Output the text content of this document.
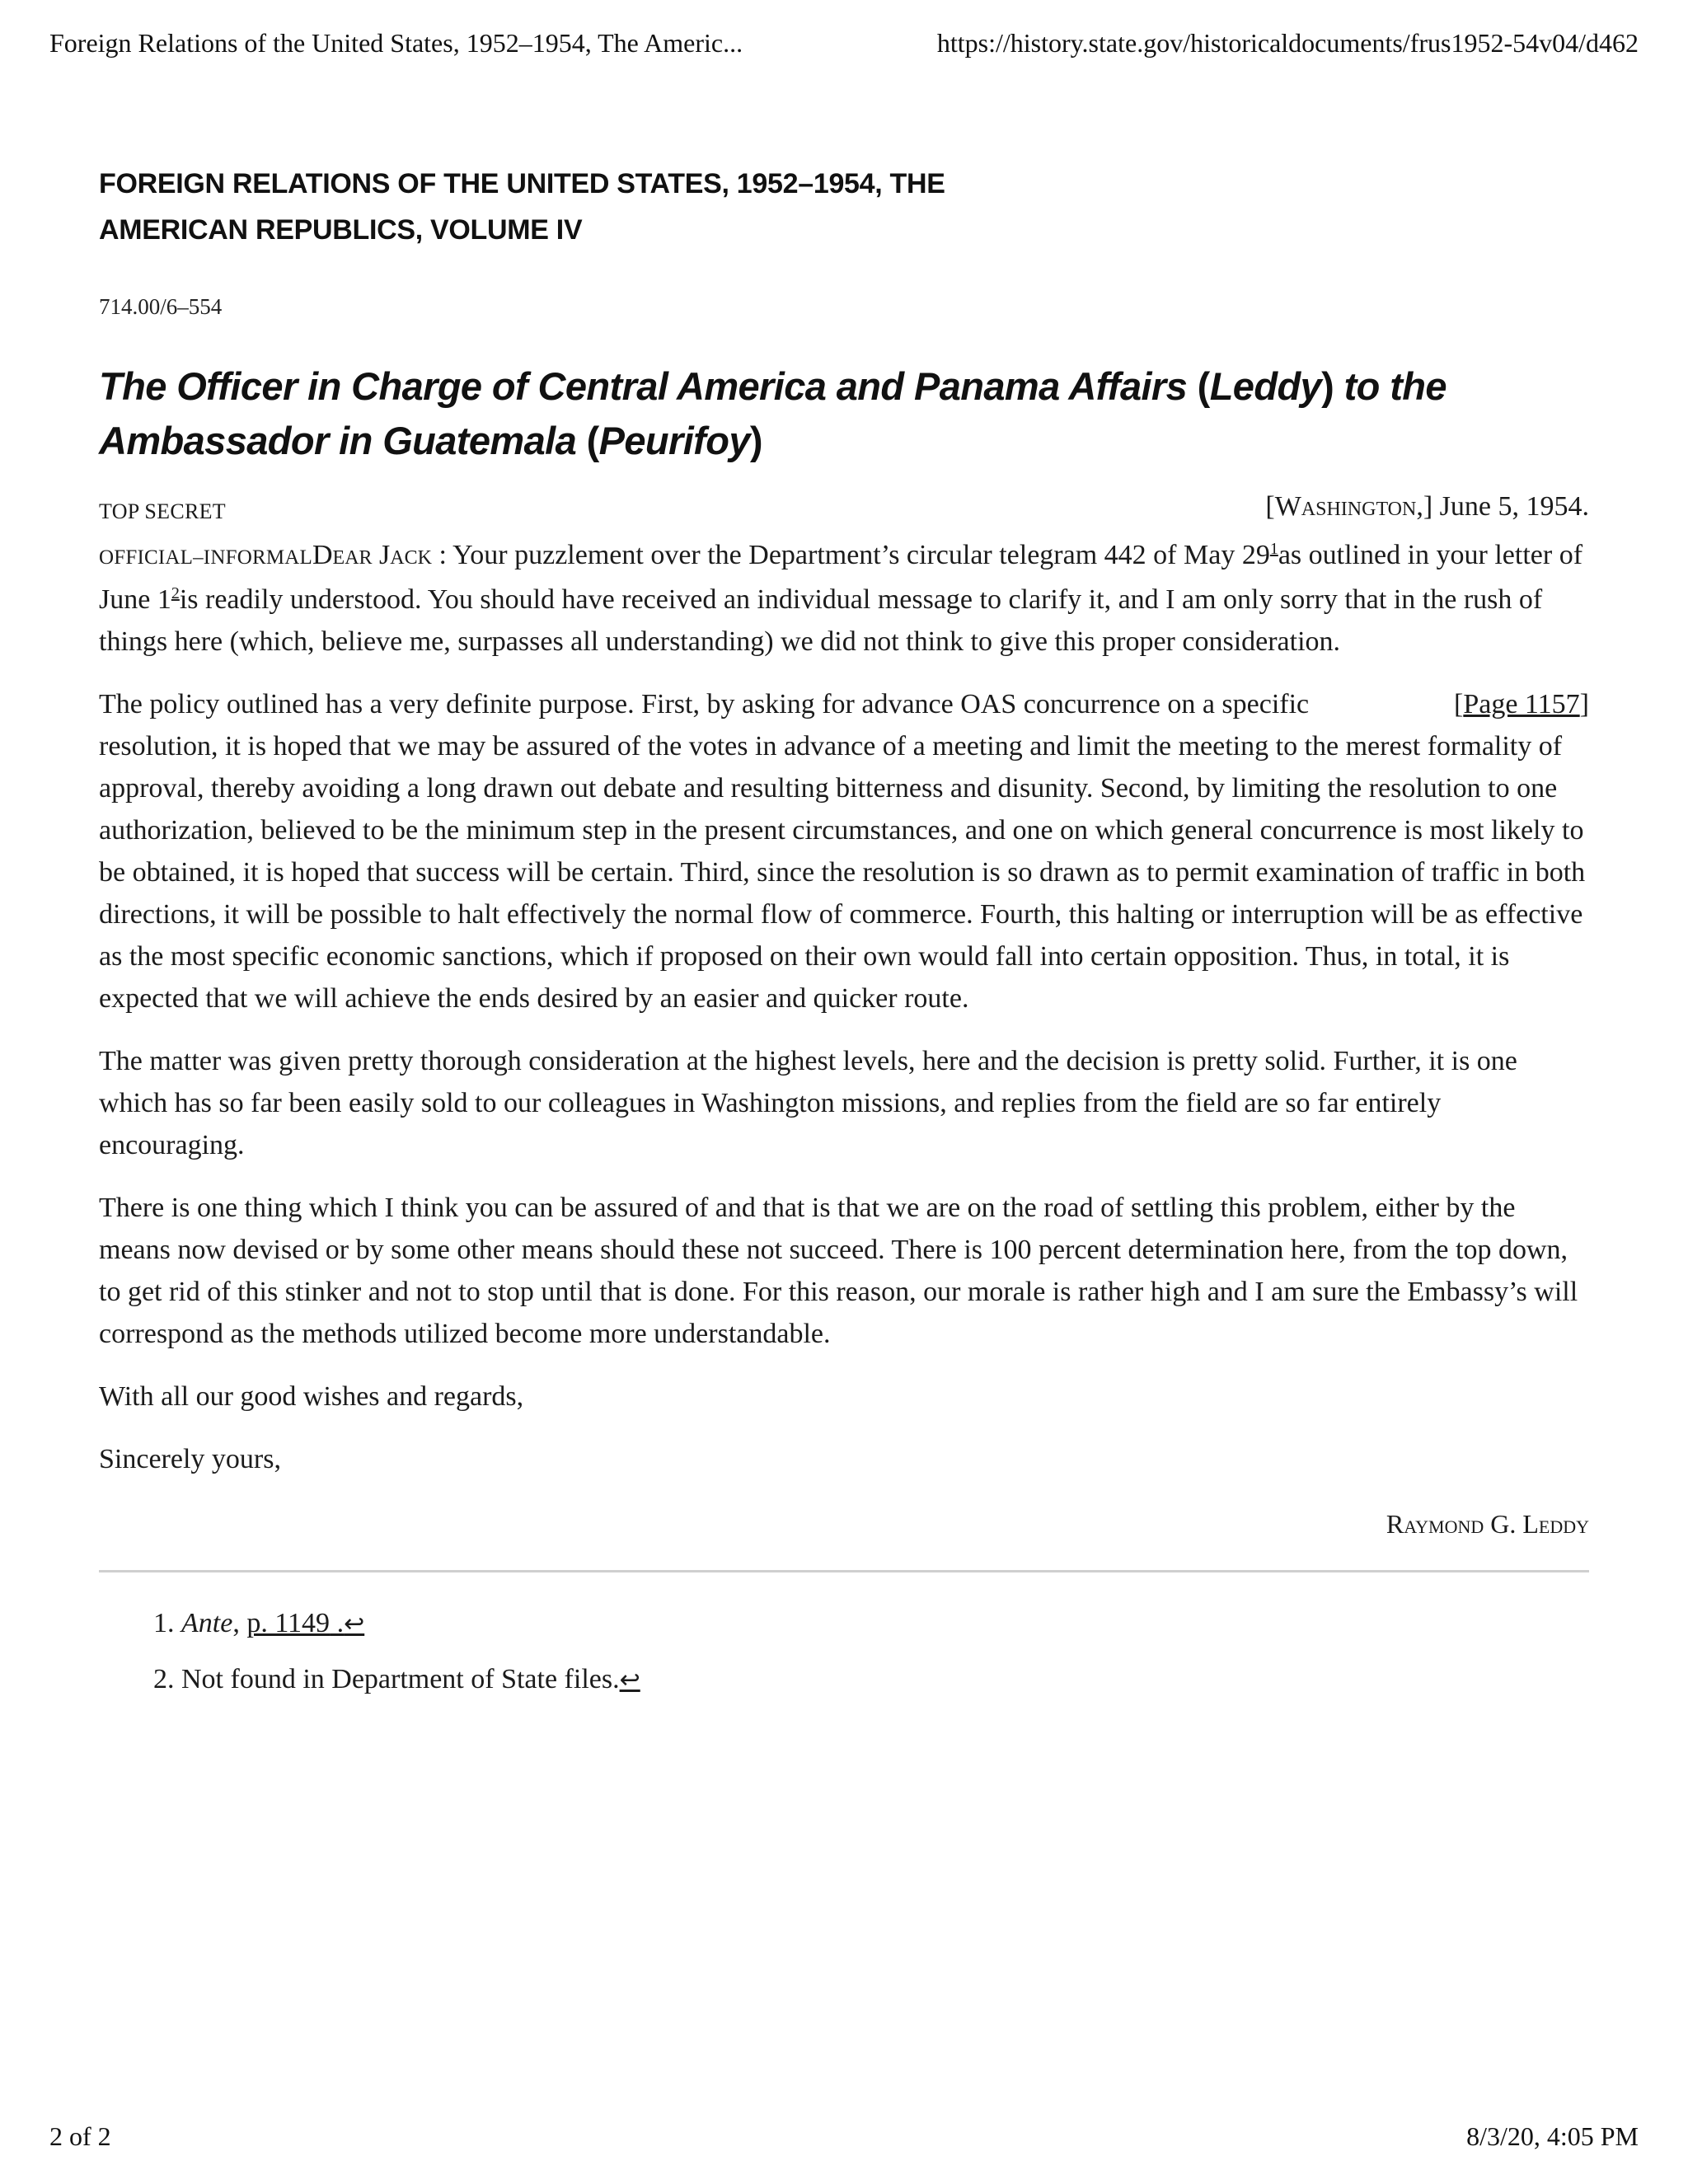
Foreign Relations of the United States, 1952–1954, The Americ...	https://history.state.gov/historicaldocuments/frus1952-54v04/d462
FOREIGN RELATIONS OF THE UNITED STATES, 1952–1954, THE AMERICAN REPUBLICS, VOLUME IV
714.00/6–554
The Officer in Charge of Central America and Panama Affairs (Leddy) to the Ambassador in Guatemala (Peurifoy)
TOP SECRET	[Washington,] June 5, 1954.

OFFICIAL–INFORMALDear Jack : Your puzzlement over the Department’s circular telegram 442 of May 29$^1$as outlined in your letter of June 1$^2$is readily understood. You should have received an individual message to clarify it, and I am only sorry that in the rush of things here (which, believe me, surpasses all understanding) we did not think to give this proper consideration.

[Page 1157]
The policy outlined has a very definite purpose. First, by asking for advance OAS concurrence on a specific resolution, it is hoped that we may be assured of the votes in advance of a meeting and limit the meeting to the merest formality of approval, thereby avoiding a long drawn out debate and resulting bitterness and disunity. Second, by limiting the resolution to one authorization, believed to be the minimum step in the present circumstances, and one on which general concurrence is most likely to be obtained, it is hoped that success will be certain. Third, since the resolution is so drawn as to permit examination of traffic in both directions, it will be possible to halt effectively the normal flow of commerce. Fourth, this halting or interruption will be as effective as the most specific economic sanctions, which if proposed on their own would fall into certain opposition. Thus, in total, it is expected that we will achieve the ends desired by an easier and quicker route.

The matter was given pretty thorough consideration at the highest levels, here and the decision is pretty solid. Further, it is one which has so far been easily sold to our colleagues in Washington missions, and replies from the field are so far entirely encouraging.

There is one thing which I think you can be assured of and that is that we are on the road of settling this problem, either by the means now devised or by some other means should these not succeed. There is 100 percent determination here, from the top down, to get rid of this stinker and not to stop until that is done. For this reason, our morale is rather high and I am sure the Embassy’s will correspond as the methods utilized become more understandable.

With all our good wishes and regards,

Sincerely yours,

Raymond G. Leddy
1. Ante, p. 1149 .↩
2. Not found in Department of State files.↩
2 of 2	8/3/20, 4:05 PM
